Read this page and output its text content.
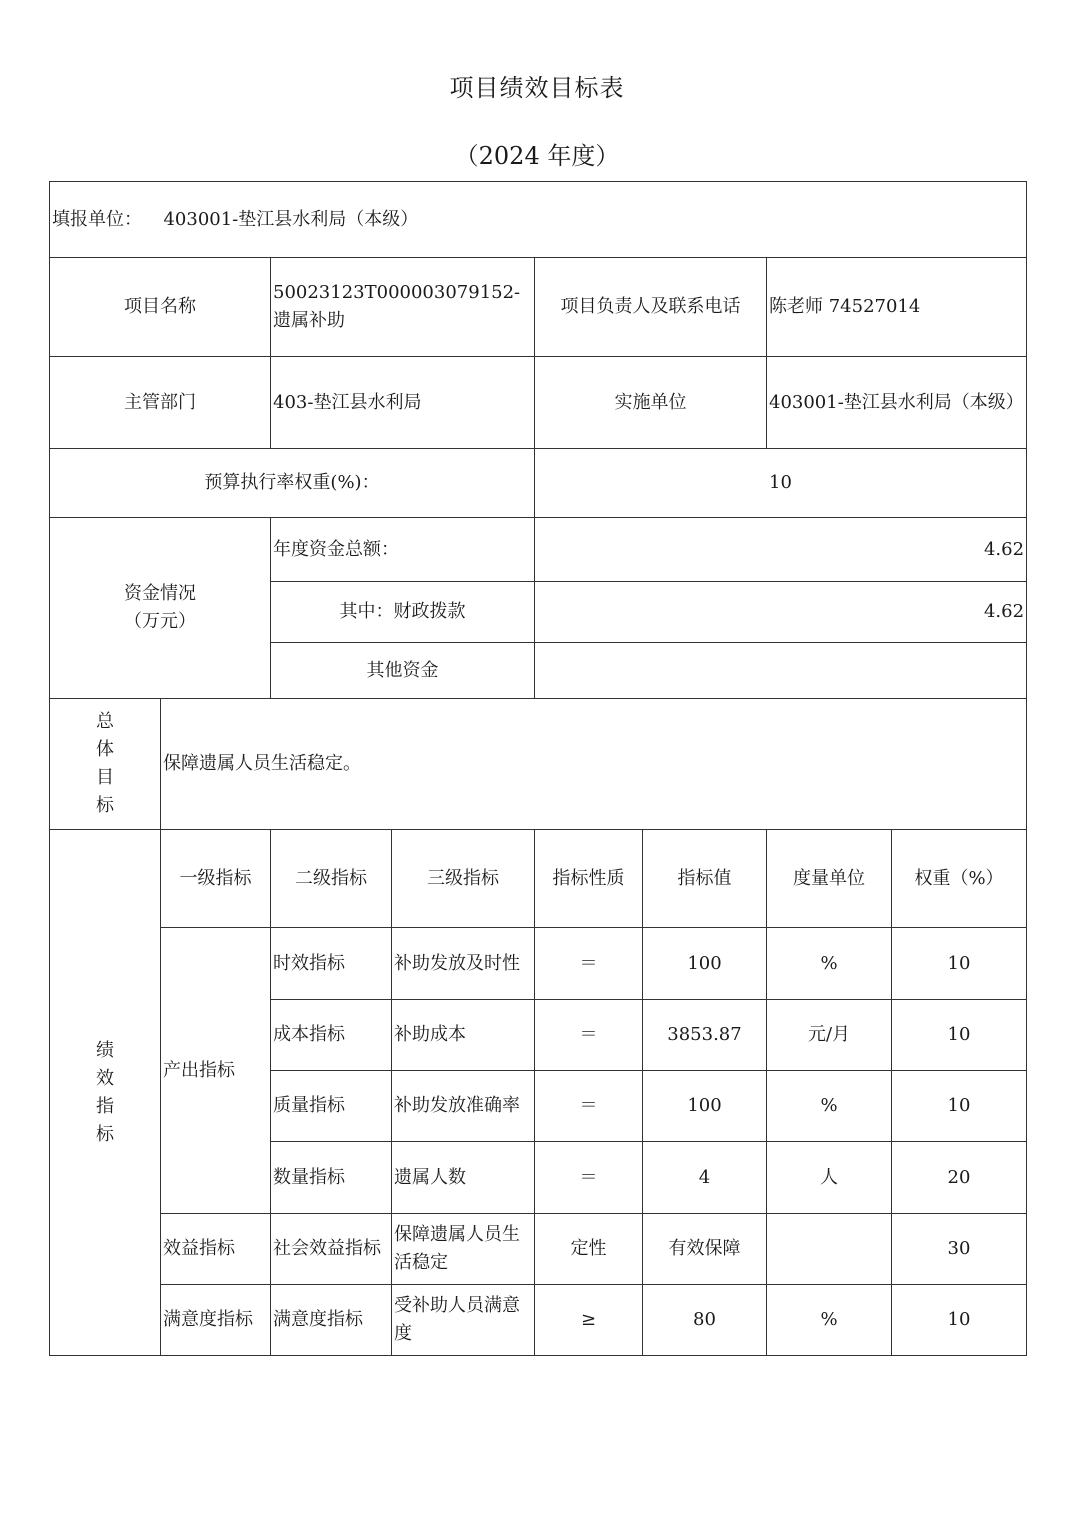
项目绩效目标表
（2024 年度）
填报单位： 403001-垫江县水利局（本级）							
项目名称		50023123T000003079152-遗属补助		项目负责人及联系电话		陈老师 74527014	
主管部门		403-垫江县水利局		实施单位		403001-垫江县水利局（本级）	
预算执行率权重(%)：				10			

资金情况
（万元）		年度资金总额：		4.62			
		其中：财政拨款		4.62			
		其他资金					

总体目标	保障遗属人员生活稳定。						

绩效指标	一级指标	二级指标	三级指标	指标性质	指标值	度量单位	权重（%）
	产出指标	时效指标	补助发放及时性	＝	100	%	10
		成本指标	补助成本	＝	3853.87	元/月	10
		质量指标	补助发放准确率	＝	100	%	10
		数量指标	遗属人数	＝	4	人	20
	效益指标	社会效益指标	保障遗属人员生活稳定	定性	有效保障		30
	满意度指标	满意度指标	受补助人员满意度	≥	80	%	10
